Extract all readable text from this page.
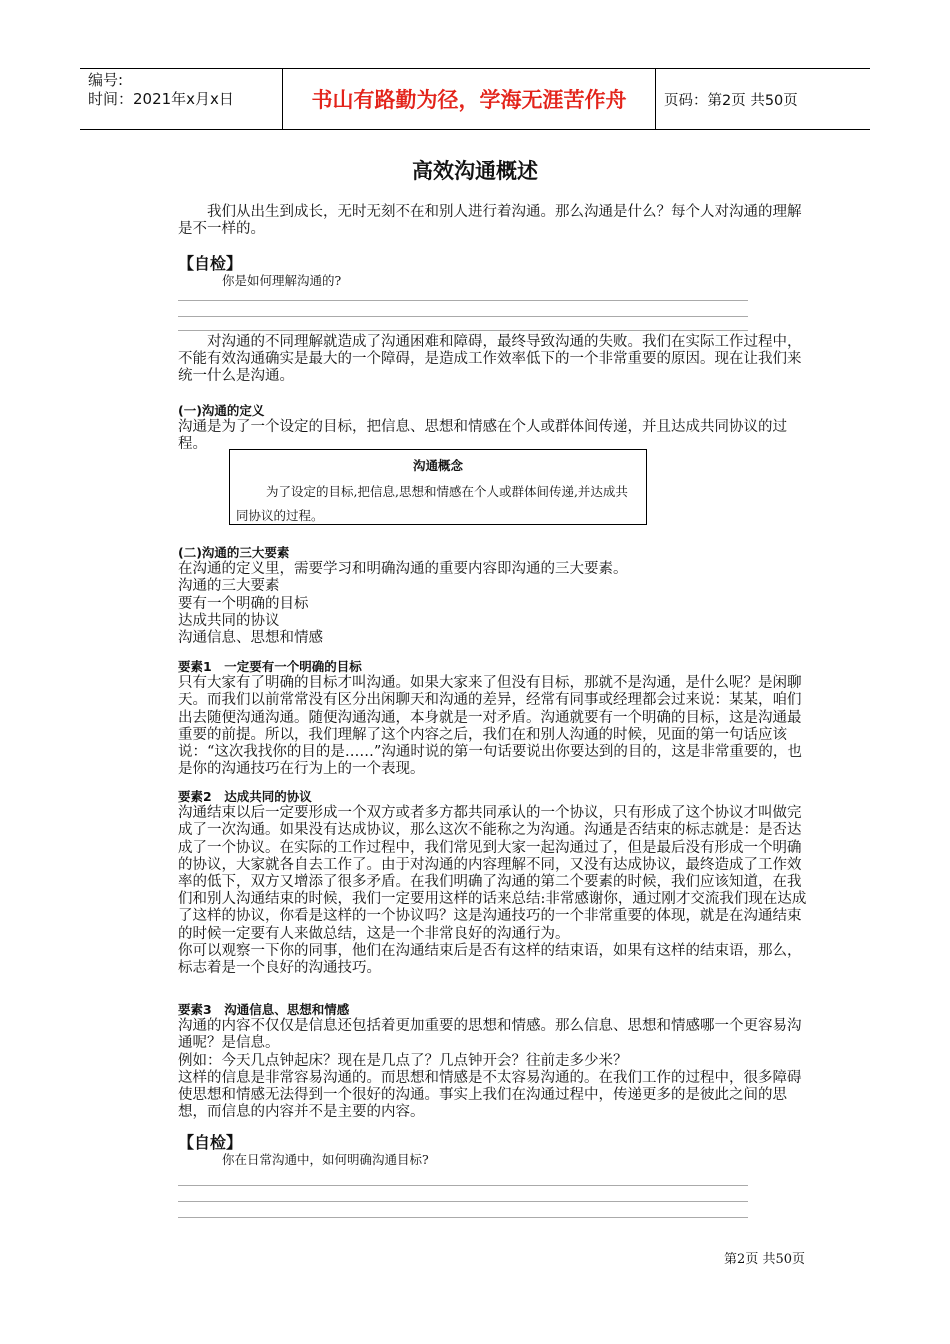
编号:
时间：2021年x月x日	书山有路勤为径，学海无涯苦作舟	页码：第2页 共50页
高效沟通概述
我们从出生到成长，无时无刻不在和别人进行着沟通。那么沟通是什么？每个人对沟通的理解是不一样的。
【自检】
你是如何理解沟通的?
对沟通的不同理解就造成了沟通困难和障碍，最终导致沟通的失败。我们在实际工作过程中，不能有效沟通确实是最大的一个障碍，是造成工作效率低下的一个非常重要的原因。现在让我们来统一什么是沟通。
(一)沟通的定义
沟通是为了一个设定的目标，把信息、思想和情感在个人或群体间传递，并且达成共同协议的过程。
沟通概念
为了设定的目标,把信息,思想和情感在个人或群体间传递,并达成共同协议的过程。
(二)沟通的三大要素
在沟通的定义里，需要学习和明确沟通的重要内容即沟通的三大要素。
沟通的三大要素
要有一个明确的目标
达成共同的协议
沟通信息、思想和情感
要素1　一定要有一个明确的目标
只有大家有了明确的目标才叫沟通。如果大家来了但没有目标，那就不是沟通，是什么呢？是闲聊天。而我们以前常常没有区分出闲聊天和沟通的差异，经常有同事或经理都会过来说：某某，咱们出去随便沟通沟通。随便沟通沟通，本身就是一对矛盾。沟通就要有一个明确的目标，这是沟通最重要的前提。所以，我们理解了这个内容之后，我们在和别人沟通的时候，见面的第一句话应该说：“这次我找你的目的是……”沟通时说的第一句话要说出你要达到的目的，这是非常重要的，也是你的沟通技巧在行为上的一个表现。
要素2　达成共同的协议
沟通结束以后一定要形成一个双方或者多方都共同承认的一个协议，只有形成了这个协议才叫做完成了一次沟通。如果没有达成协议，那么这次不能称之为沟通。沟通是否结束的标志就是：是否达成了一个协议。在实际的工作过程中，我们常见到大家一起沟通过了，但是最后没有形成一个明确的协议，大家就各自去工作了。由于对沟通的内容理解不同，又没有达成协议，最终造成了工作效率的低下，双方又增添了很多矛盾。在我们明确了沟通的第二个要素的时候，我们应该知道，在我们和别人沟通结束的时候，我们一定要用这样的话来总结:非常感谢你，通过刚才交流我们现在达成了这样的协议，你看是这样的一个协议吗？这是沟通技巧的一个非常重要的体现，就是在沟通结束的时候一定要有人来做总结，这是一个非常良好的沟通行为。
你可以观察一下你的同事，他们在沟通结束后是否有这样的结束语，如果有这样的结束语，那么，标志着是一个良好的沟通技巧。
要素3　沟通信息、思想和情感
沟通的内容不仅仅是信息还包括着更加重要的思想和情感。那么信息、思想和情感哪一个更容易沟通呢？是信息。
例如：今天几点钟起床？现在是几点了？几点钟开会？往前走多少米？
这样的信息是非常容易沟通的。而思想和情感是不太容易沟通的。在我们工作的过程中，很多障碍使思想和情感无法得到一个很好的沟通。事实上我们在沟通过程中，传递更多的是彼此之间的思想，而信息的内容并不是主要的内容。
【自检】
你在日常沟通中，如何明确沟通目标?
第2页 共50页
